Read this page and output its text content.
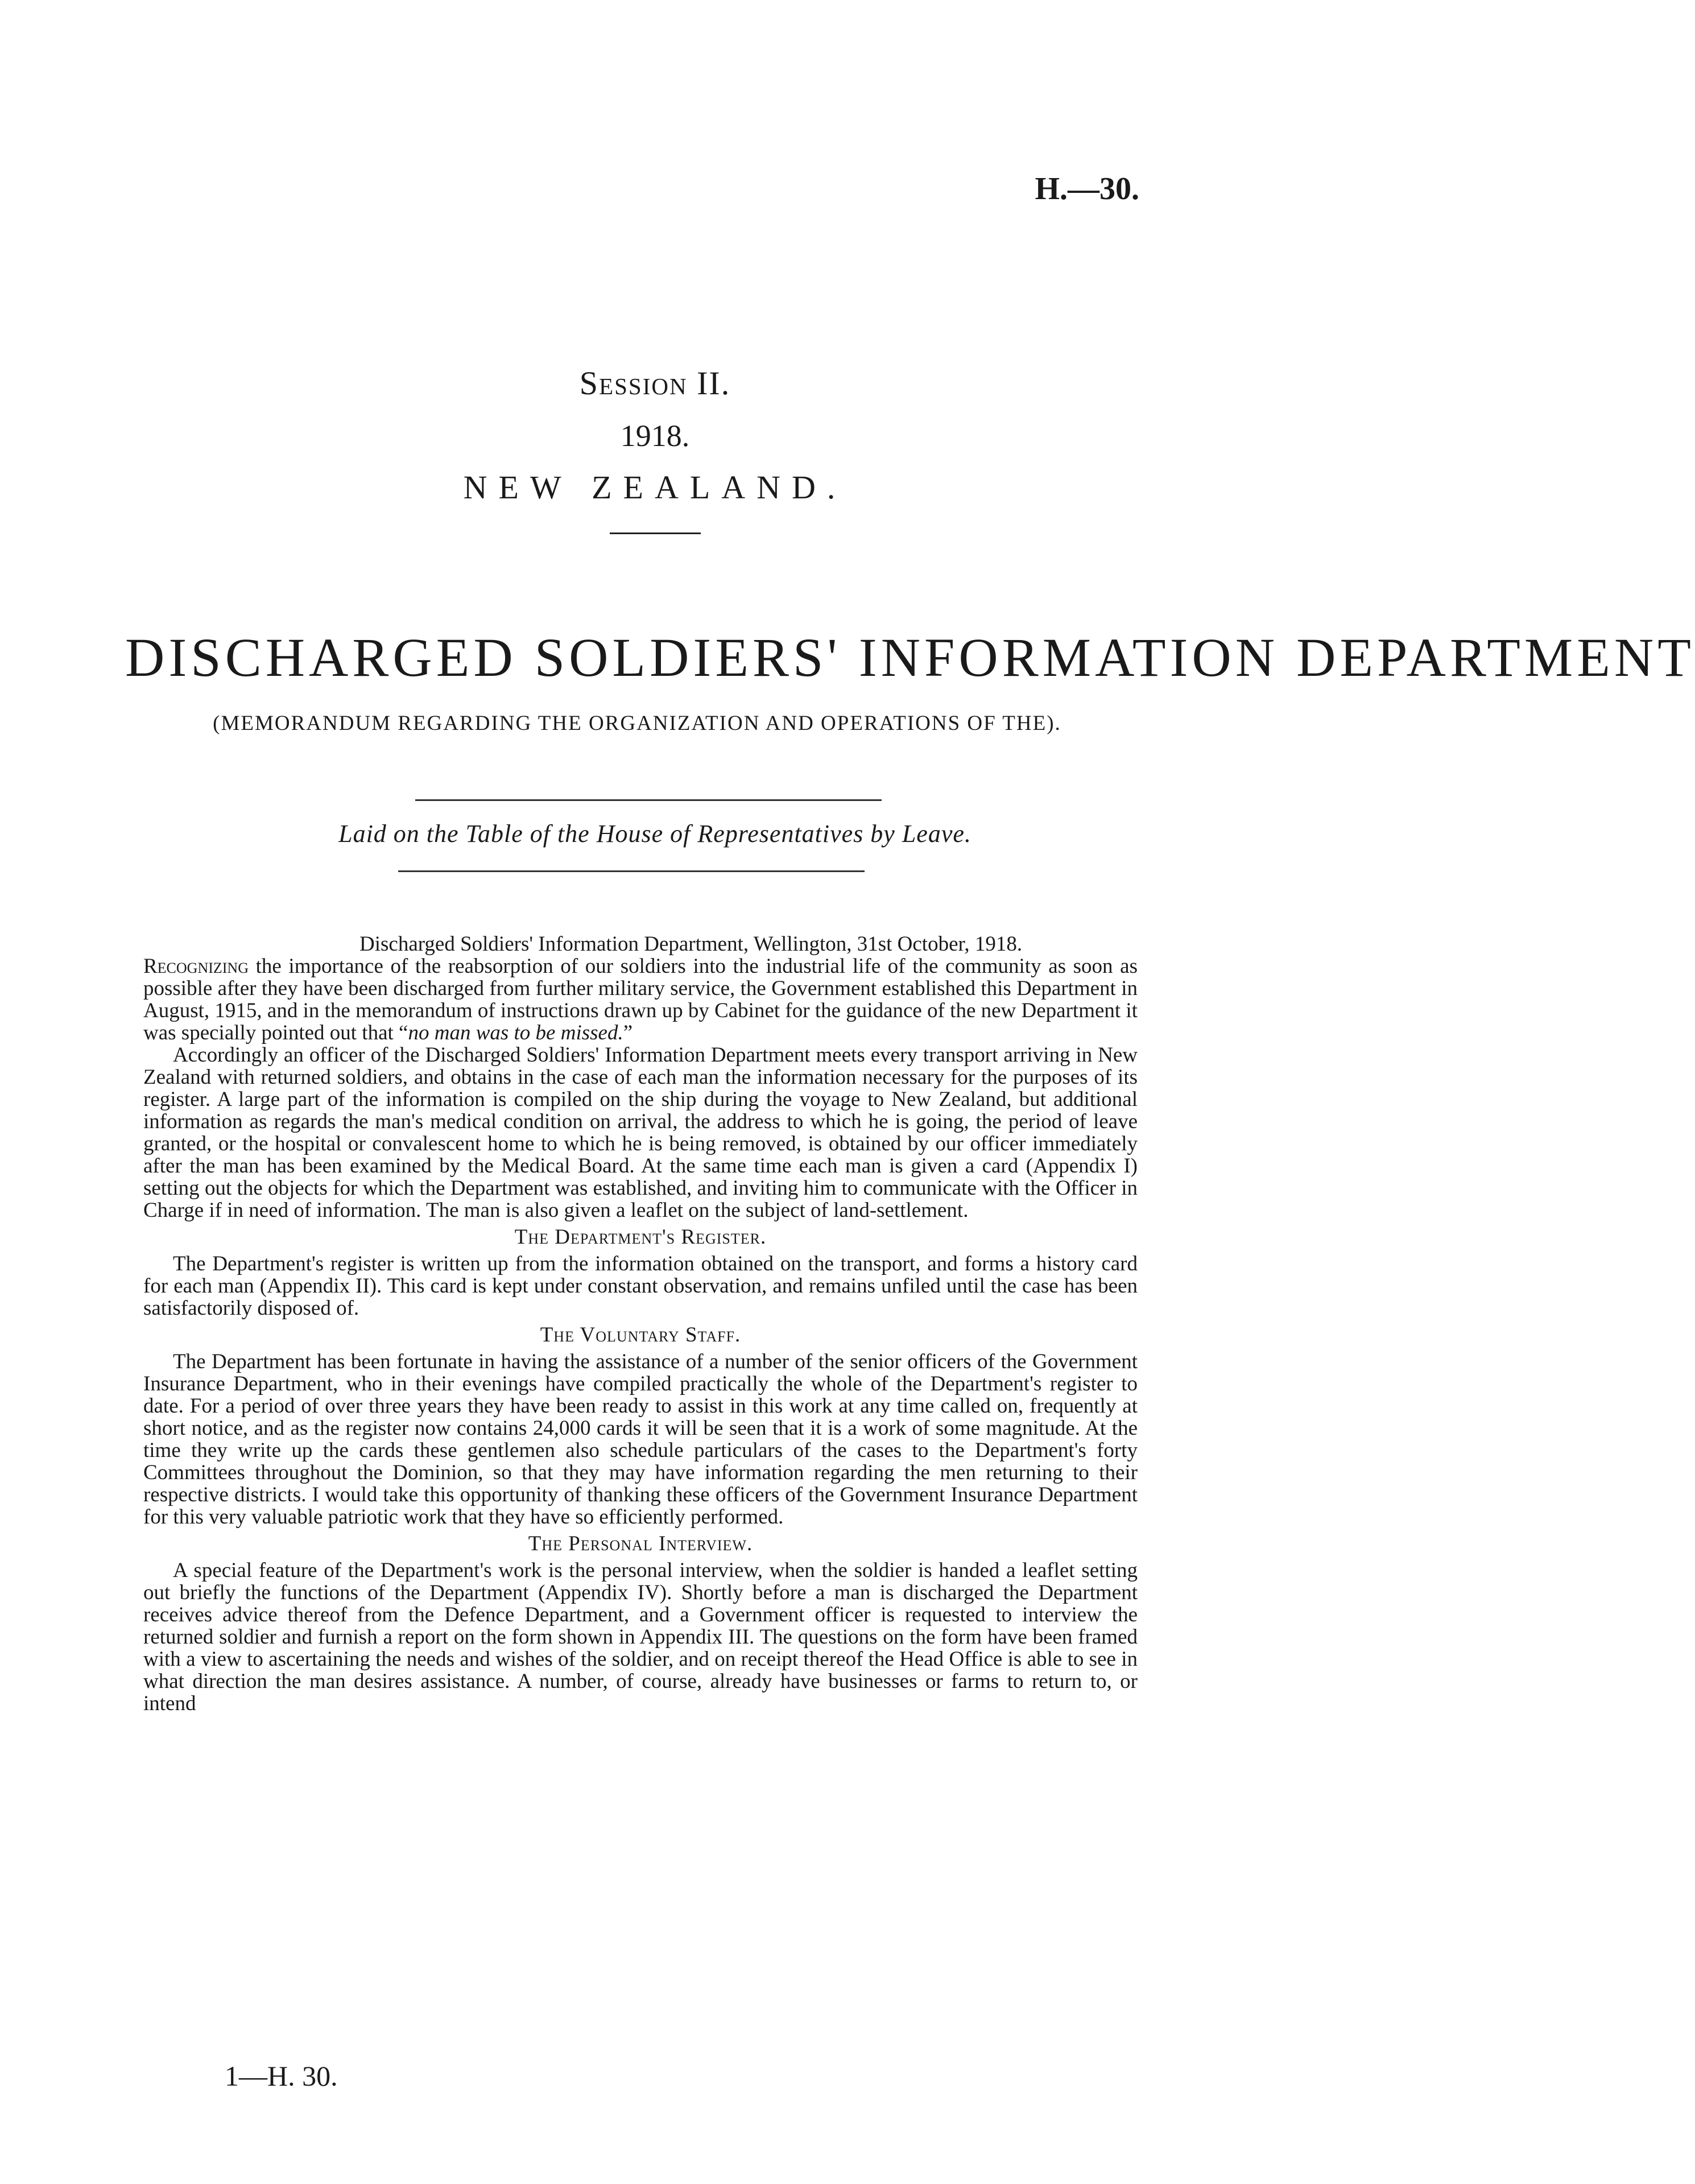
H.—30.
Session II.
1918.
NEW ZEALAND.
DISCHARGED SOLDIERS' INFORMATION DEPARTMENT
(MEMORANDUM REGARDING THE ORGANIZATION AND OPERATIONS OF THE).
Laid on the Table of the House of Representatives by Leave.

Discharged Soldiers' Information Department, Wellington, 31st October, 1918.

Recognizing the importance of the reabsorption of our soldiers into the industrial life of the community as soon as possible after they have been discharged from further military service, the Government established this Department in August, 1915, and in the memorandum of instructions drawn up by Cabinet for the guidance of the new Department it was specially pointed out that “no man was to be missed.”

Accordingly an officer of the Discharged Soldiers' Information Department meets every transport arriving in New Zealand with returned soldiers, and obtains in the case of each man the information necessary for the purposes of its register. A large part of the information is compiled on the ship during the voyage to New Zealand, but additional information as regards the man's medical condition on arrival, the address to which he is going, the period of leave granted, or the hospital or convalescent home to which he is being removed, is obtained by our officer immediately after the man has been examined by the Medical Board. At the same time each man is given a card (Appendix I) setting out the objects for which the Department was established, and inviting him to communicate with the Officer in Charge if in need of information. The man is also given a leaflet on the subject of land-settlement.

The Department's Register.

The Department's register is written up from the information obtained on the transport, and forms a history card for each man (Appendix II). This card is kept under constant observation, and remains unfiled until the case has been satisfactorily disposed of.

The Voluntary Staff.

The Department has been fortunate in having the assistance of a number of the senior officers of the Government Insurance Department, who in their evenings have compiled practically the whole of the Department's register to date. For a period of over three years they have been ready to assist in this work at any time called on, frequently at short notice, and as the register now contains 24,000 cards it will be seen that it is a work of some magnitude. At the time they write up the cards these gentlemen also schedule particulars of the cases to the Department's forty Committees throughout the Dominion, so that they may have information regarding the men returning to their respective districts. I would take this opportunity of thanking these officers of the Government Insurance Department for this very valuable patriotic work that they have so efficiently performed.

The Personal Interview.

A special feature of the Department's work is the personal interview, when the soldier is handed a leaflet setting out briefly the functions of the Department (Appendix IV). Shortly before a man is discharged the Department receives advice thereof from the Defence Department, and a Government officer is requested to interview the returned soldier and furnish a report on the form shown in Appendix III. The questions on the form have been framed with a view to ascertaining the needs and wishes of the soldier, and on receipt thereof the Head Office is able to see in what direction the man desires assistance. A number, of course, already have businesses or farms to return to, or intend

1—H. 30.
